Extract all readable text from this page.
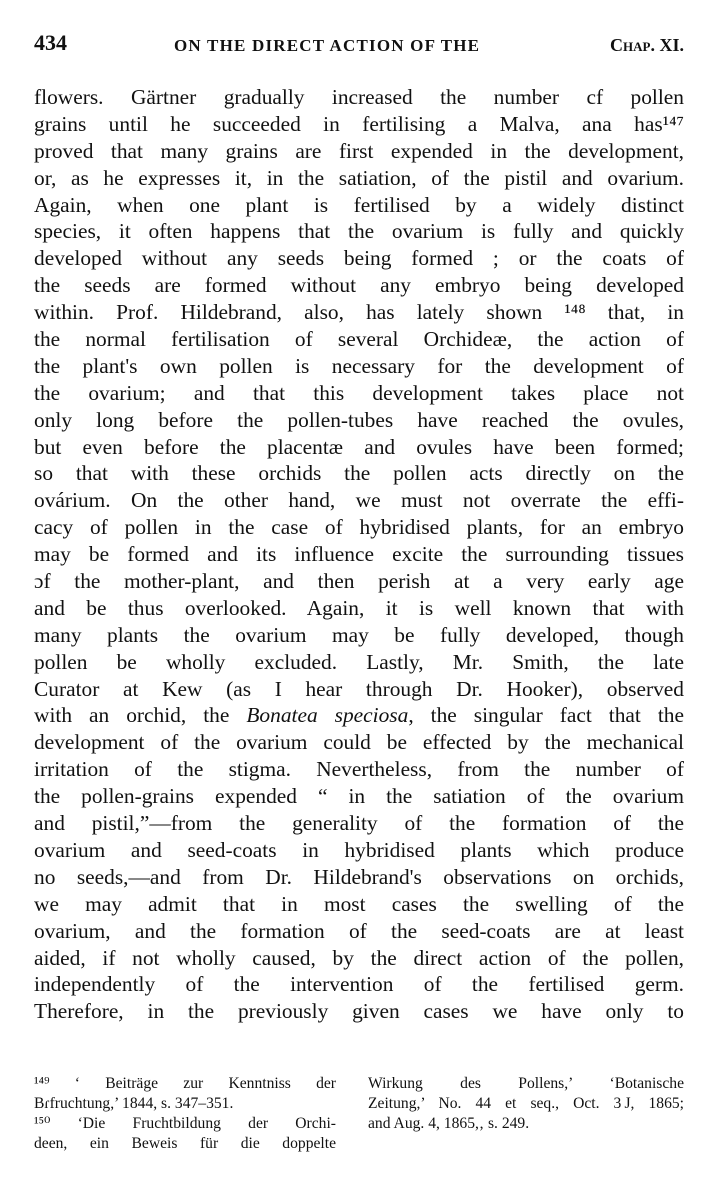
434	ON THE DIRECT ACTION OF THE	Chap. XI.
flowers. Gärtner gradually increased the number cf pollen
grains until he succeeded in fertilising a Malva, ana has¹⁴⁷
proved that many grains are first expended in the development,
or, as he expresses it, in the satiation, of the pistil and ovarium.
Again, when one plant is fertilised by a widely distinct
species, it often happens that the ovarium is fully and quickly
developed without any seeds being formed ; or the coats of
the seeds are formed without any embryo being developed
within. Prof. Hildebrand, also, has lately shown ¹⁴⁸ that, in
the normal fertilisation of several Orchideæ, the action of
the plant's own pollen is necessary for the development of
the ovarium; and that this development takes place not
only long before the pollen-tubes have reached the ovules,
but even before the placentæ and ovules have been formed;
so that with these orchids the pollen acts directly on the
ovárium. On the other hand, we must not overrate the effi-
cacy of pollen in the case of hybridised plants, for an embryo
may be formed and its influence excite the surrounding tissues
ɔf the mother-plant, and then perish at a very early age
and be thus overlooked. Again, it is well known that with
many plants the ovarium may be fully developed, though
pollen be wholly excluded. Lastly, Mr. Smith, the late
Curator at Kew (as I hear through Dr. Hooker), observed
with an orchid, the Bonatea speciosa, the singular fact that the
development of the ovarium could be effected by the mechanical
irritation of the stigma. Nevertheless, from the number of
the pollen-grains expended “ in the satiation of the ovarium
and pistil,”—from the generality of the formation of the
ovarium and seed-coats in hybridised plants which produce
no seeds,—and from Dr. Hildebrand's observations on orchids,
we may admit that in most cases the swelling of the
ovarium, and the formation of the seed-coats are at least
aided, if not wholly caused, by the direct action of the pollen,
independently of the intervention of the fertilised germ.
Therefore, in the previously given cases we have only to
¹⁴⁹ ‘ Beiträge zur Kenntniss der
Bɾfruchtung,’ 1844, s. 347–351.
¹⁵⁰ ‘Die Fruchtbildung der Orchi-
deen, ein Beweis für die doppelte
Wirkung des Pollens,’ ‘Botanische
Zeitung,’ No. 44 et seq., Oct. 3 J, 1865;
and Aug. 4, 1865,‚ s. 249.
